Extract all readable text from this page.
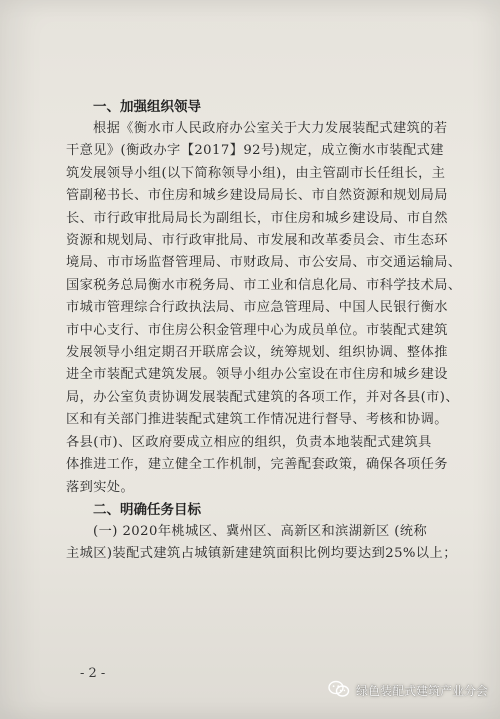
一、加强组织领导

根据《衡水市人民政府办公室关于大力发展装配式建筑的若

干意见》(衡政办字【2017】92号)规定，成立衡水市装配式建

筑发展领导小组(以下简称领导小组)，由主管副市长任组长，主

管副秘书长、市住房和城乡建设局局长、市自然资源和规划局局

长、市行政审批局局长为副组长，市住房和城乡建设局、市自然

资源和规划局、市行政审批局、市发展和改革委员会、市生态环

境局、市市场监督管理局、市财政局、市公安局、市交通运输局、

国家税务总局衡水市税务局、市工业和信息化局、市科学技术局、

市城市管理综合行政执法局、市应急管理局、中国人民银行衡水

市中心支行、市住房公积金管理中心为成员单位。市装配式建筑

发展领导小组定期召开联席会议，统筹规划、组织协调、整体推

进全市装配式建筑发展。领导小组办公室设在市住房和城乡建设

局，办公室负责协调发展装配式建筑的各项工作，并对各县(市)、

区和有关部门推进装配式建筑工作情况进行督导、考核和协调。

各县(市)、区政府要成立相应的组织，负责本地装配式建筑具

体推进工作，建立健全工作机制，完善配套政策，确保各项任务

落到实处。

二、明确任务目标

(一) 2020年桃城区、冀州区、高新区和滨湖新区 (统称

主城区)装配式建筑占城镇新建建筑面积比例均要达到25%以上；

- 2 -
绿色装配式建筑产业分会
